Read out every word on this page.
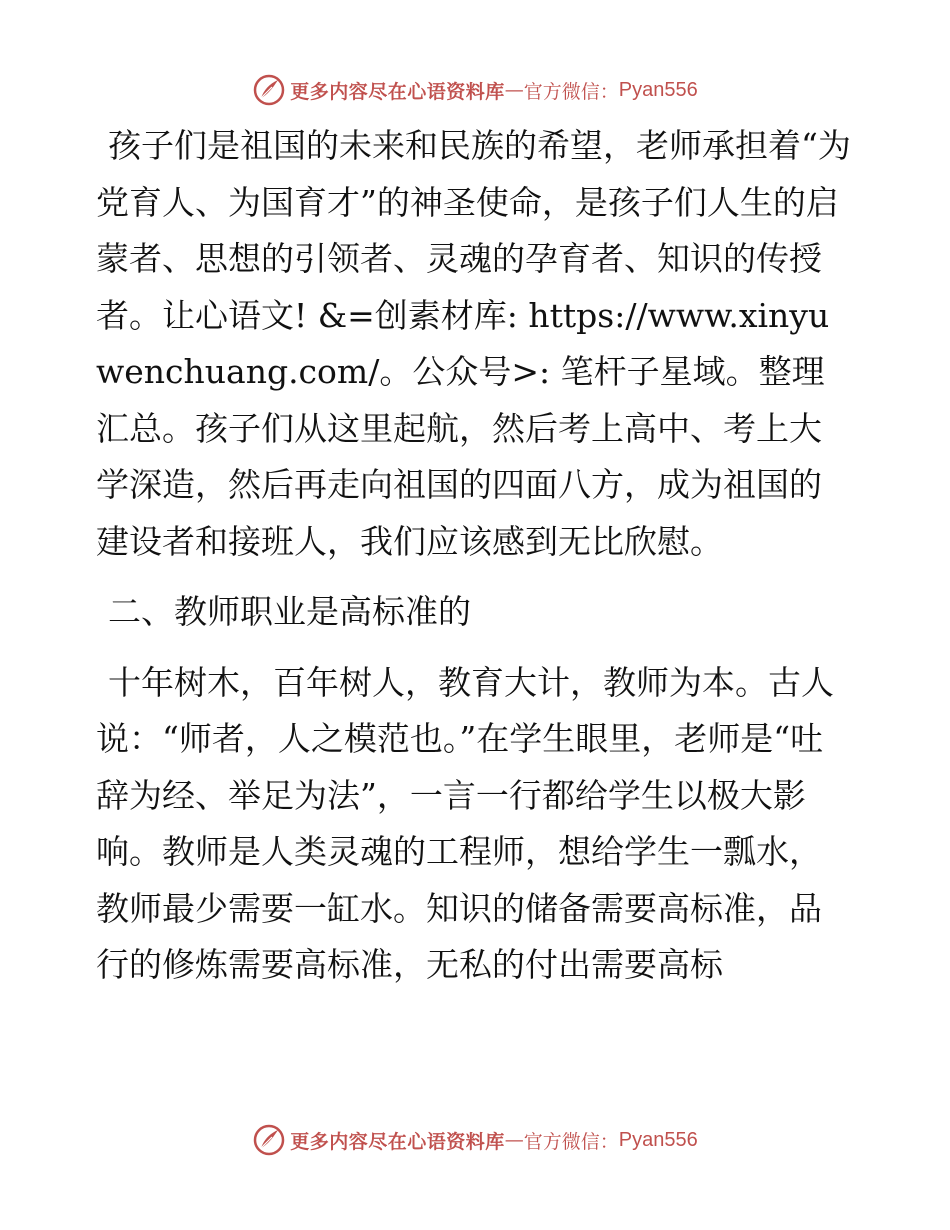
更多内容尽在心语资料库 — 官方微信： Pyan556

孩子们是祖国的未来和民族的希望，老师承担着“为党育人、为国育才”的神圣使命，是孩子们人生的启蒙者、思想的引领者、灵魂的孕育者、知识的传授者。让心语文! &=创素材库: https://www.xinyuwenchuang.com/。公众号>: 笔杆子星域。整理汇总。孩子们从这里起航，然后考上高中、考上大学深造，然后再走向祖国的四面八方，成为祖国的建设者和接班人，我们应该感到无比欣慰。

二、教师职业是高标准的

十年树木，百年树人，教育大计，教师为本。古人说：“师者，人之模范也。”在学生眼里，老师是“吐辞为经、举足为法”，一言一行都给学生以极大影响。教师是人类灵魂的工程师，想给学生一瓢水，教师最少需要一缸水。知识的储备需要高标准，品行的修炼需要高标准，无私的付出需要高标

更多内容尽在心语资料库 — 官方微信： Pyan556
